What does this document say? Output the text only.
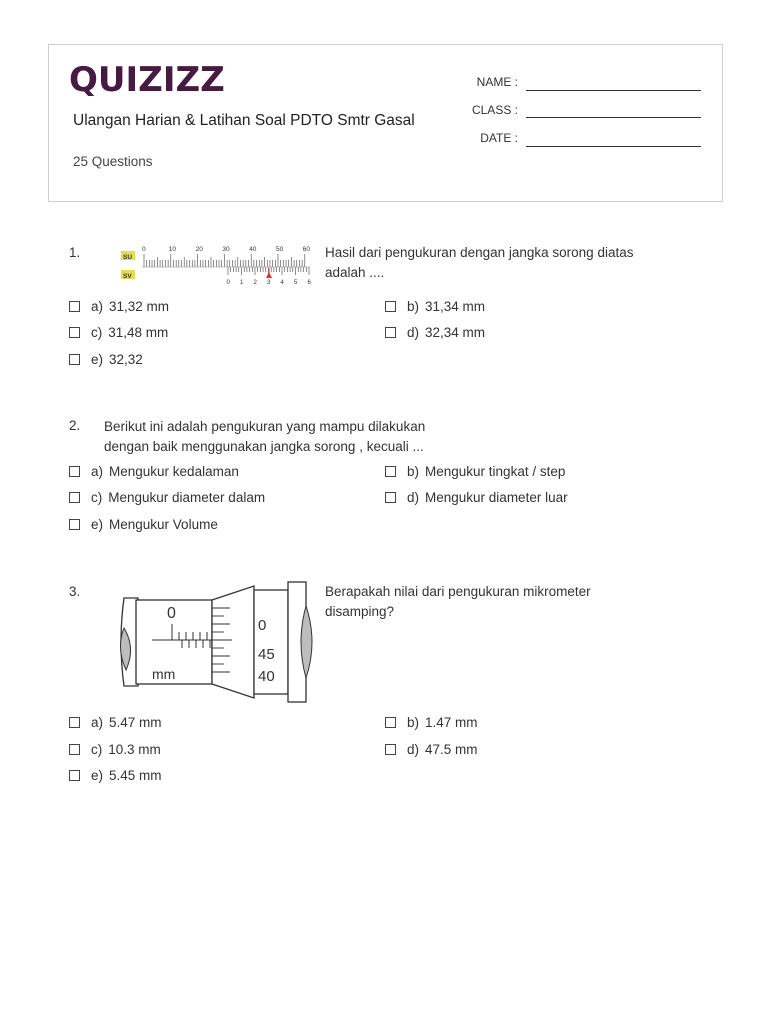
QUIZIZZ
Ulangan Harian & Latihan Soal PDTO Smtr Gasal
25 Questions
NAME :
CLASS :
DATE :
1.	SU
SV
0	10	20	30	40	50	60
0 1 2 3 4 5 6
Hasil dari pengukuran dengan jangka sorong diatas adalah ....
a) 31,32 mm	b) 31,34 mm
c) 31,48 mm	d) 32,34 mm
e) 32,32
2. Berikut ini adalah pengukuran yang mampu dilakukan
dengan baik menggunakan jangka sorong , kecuali ...
a) Mengukur kedalaman	b) Mengukur tingkat / step
c) Mengukur diameter dalam	d) Mengukur diameter luar
e) Mengukur Volume
3.
0
mm
0
45
40
Berapakah nilai dari pengukuran mikrometer disamping?
a) 5.47 mm	b) 1.47 mm
c) 10.3 mm	d) 47.5 mm
e) 5.45 mm
